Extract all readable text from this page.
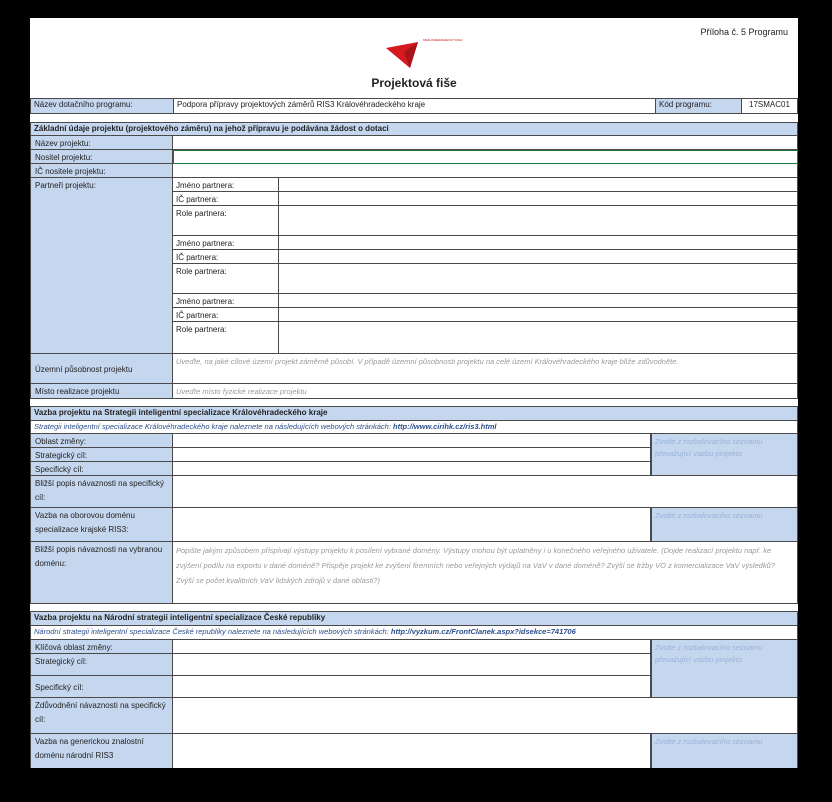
Příloha č. 5 Programu
KRÁLOVÉHRADECKÝ KRAJ
Projektová fiše
Název dotačního programu:	Podpora přípravy projektových záměrů RIS3 Královéhradeckého kraje	Kód programu:	17SMAC01
Základní údaje projektu (projektového záměru) na jehož přípravu je podávána žádost o dotaci
Název projektu:
Nositel projektu:
IČ nositele projektu:
Partneři projektu:	Jméno partnera:
IČ partnera:
Role partnera:
Jméno partnera:
IČ partnera:
Role partnera:
Jméno partnera:
IČ partnera:
Role partnera:
Územní působnost projektu
Uveďte, na jaké cílové území projekt záměrně působí. V případě územní působnosti projektu na celé území Královéhradeckého kraje blíže zdůvodněte.
Místo realizace projektu	Uveďte místo fyzické realizace projektu
Vazba projektu na Strategii inteligentní specializace Královéhradeckého kraje
Strategii inteligentní specializace Královéhradeckého kraje naleznete na následujících webových stránkách: http://www.cirihk.cz/ris3.html
Oblast změny:
Strategický cíl:
Specifický cíl:
Zvolte z rozbalovacího seznamu převažující vazbu projektu
Bližší popis návaznosti na specifický cíl:
Vazba na oborovou doménu specializace krajské RIS3:
Zvolte z rozbalovacího seznamu
Bližší popis návaznosti na vybranou doménu:
Popište jakým způsobem přispívají výstupy projektu k posílení vybrané domény. Výstupy mohou být uplatněny i u konečného veřejného uživatele. (Dojde realizací projektu např. ke zvýšení podílu na exportu v dané doméně? Přispěje projekt ke zvýšení firemních nebo veřejných výdajů na VaV v dané doméně? Zvýší se tržby VO z komercializace VaV výsledků? Zvýší se počet kvalitních VaV lidských zdrojů v dané oblasti?)
Vazba projektu na Národní strategii inteligentní specializace České republiky
Národní strategii inteligentní specializace České republiky naleznete na následujících webových stránkách: http://vyzkum.cz/FrontClanek.aspx?idsekce=741706
Klíčová oblast změny:
Strategický cíl:
Specifický cíl:
Zvolte z rozbalovacího seznamu převažující vazbu projektu
Zdůvodnění návaznosti na specifický cíl:
Vazba na generickou znalostní doménu národní RIS3
Zvolte z rozbalovacího seznamu
